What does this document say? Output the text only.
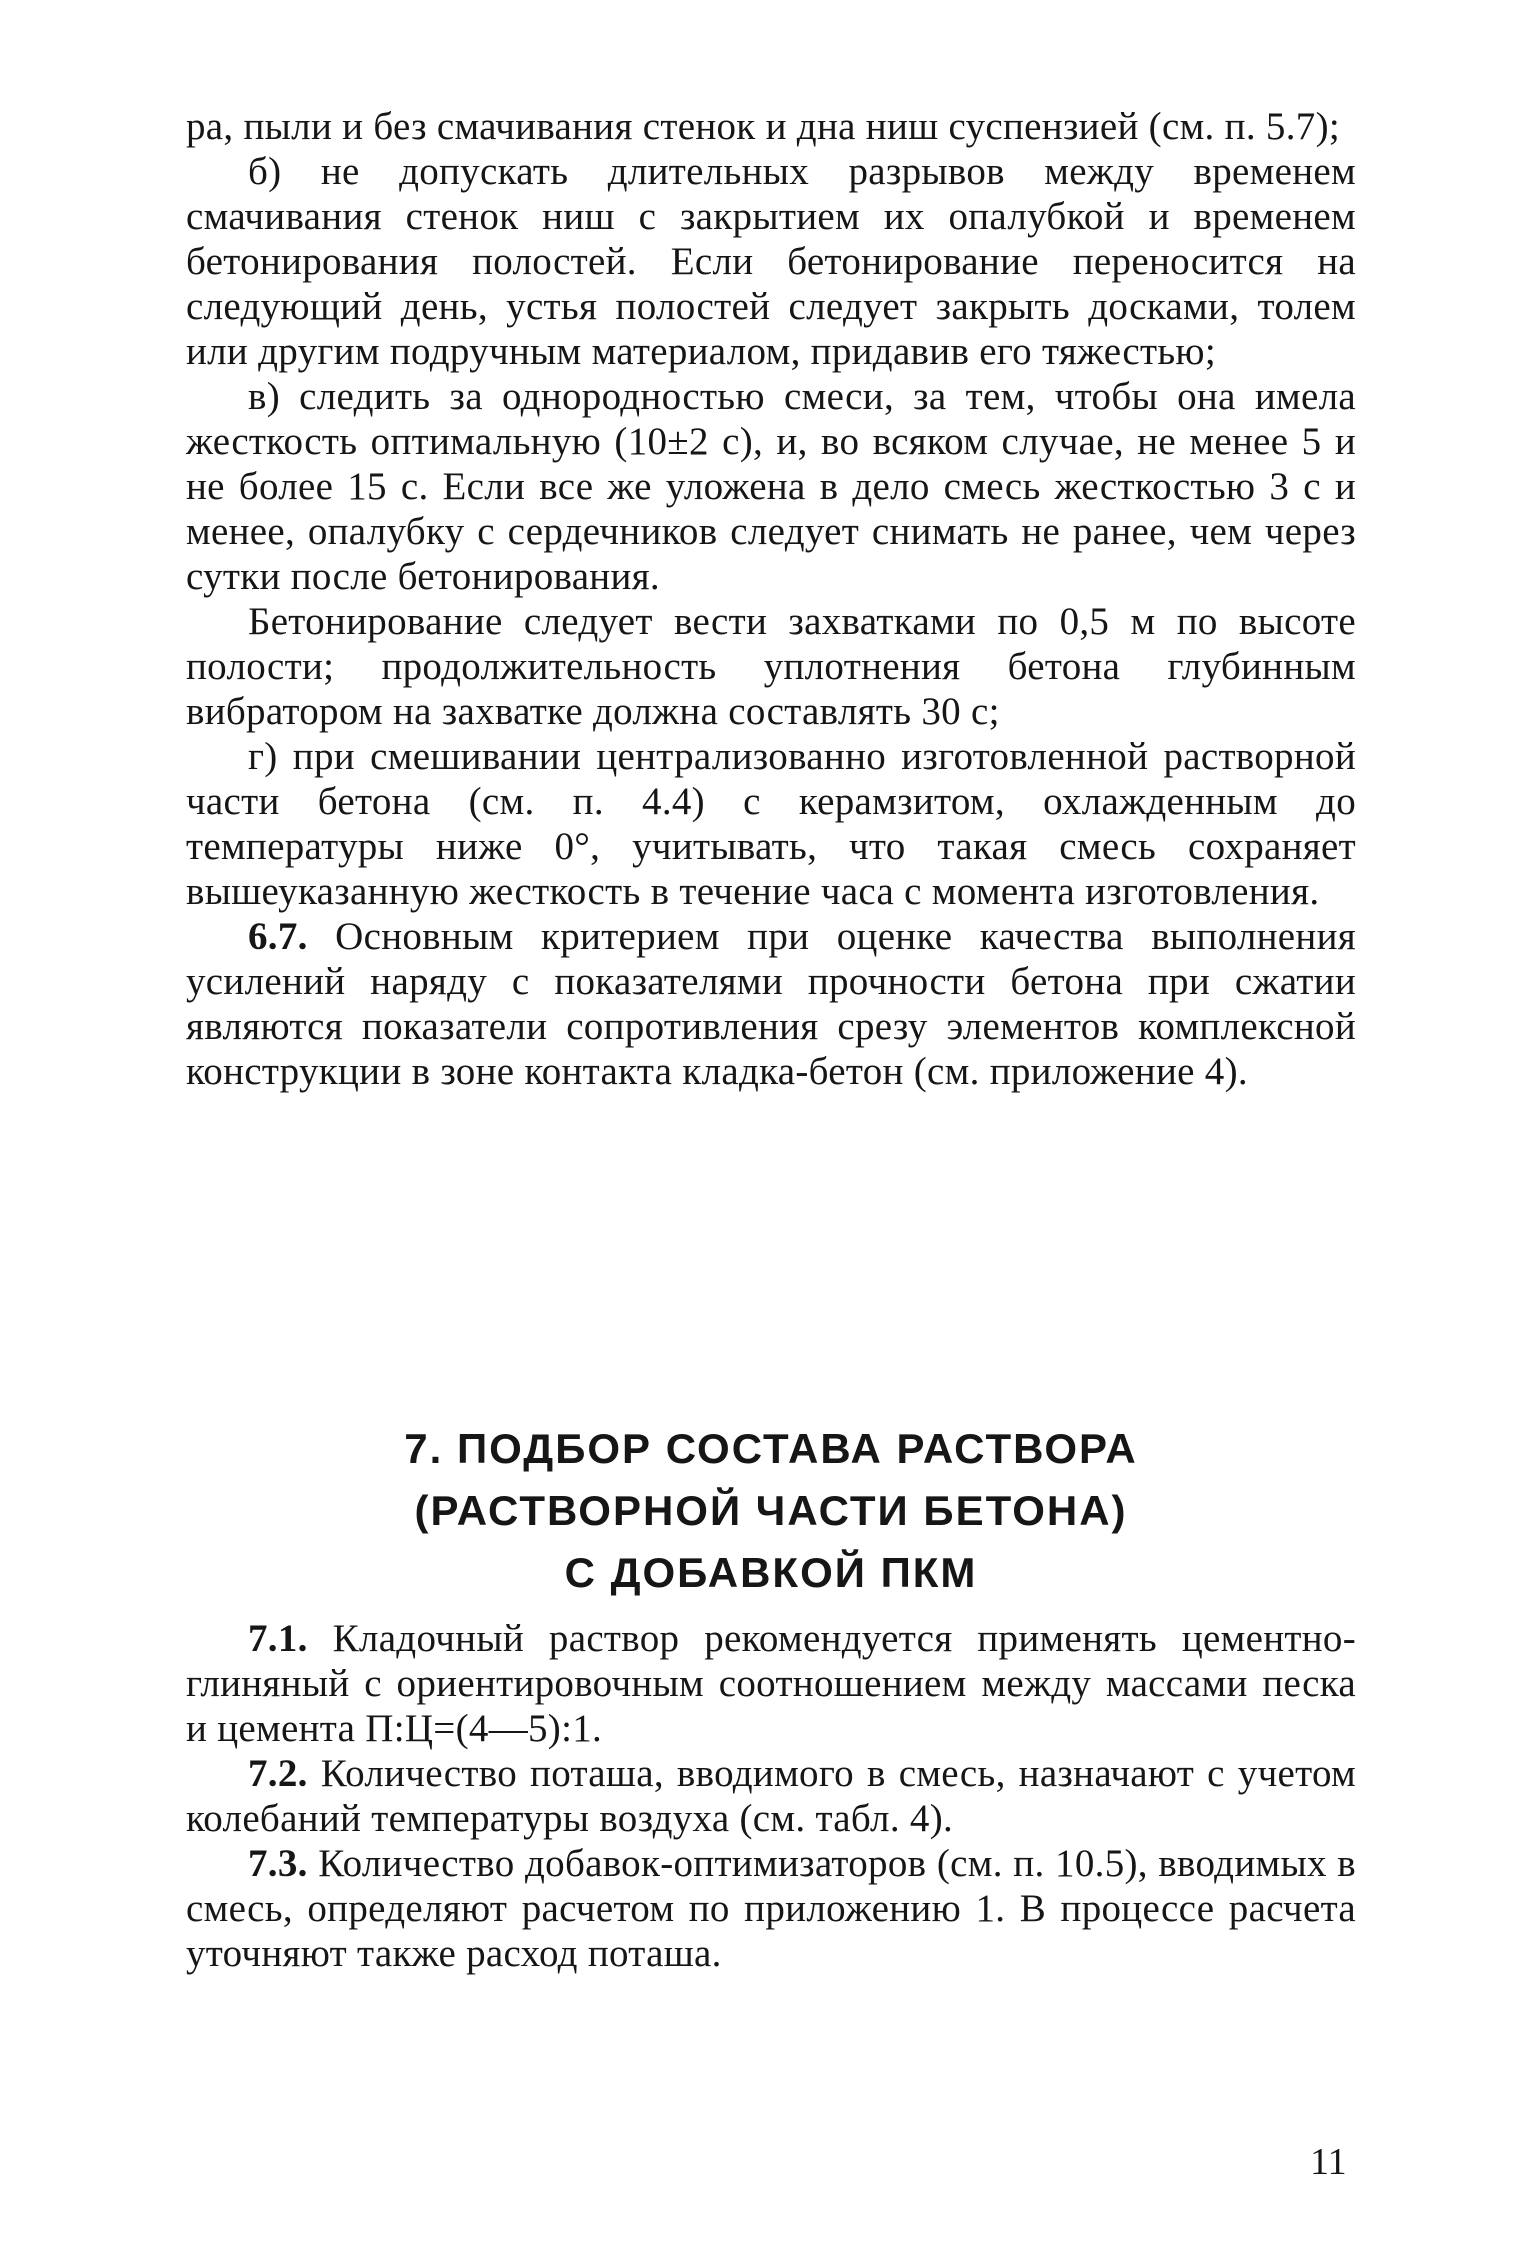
ра, пыли и без смачивания стенок и дна ниш суспензией (см. п. 5.7);

б) не допускать длительных разрывов между временем смачивания стенок ниш с закрытием их опалубкой и временем бетонирования полостей. Если бетонирование переносится на следующий день, устья полостей следует закрыть досками, толем или другим подручным материалом, придавив его тяжестью;

в) следить за однородностью смеси, за тем, чтобы она имела жесткость оптимальную (10±2 с), и, во всяком случае, не менее 5 и не более 15 с. Если все же уложена в дело смесь жесткостью 3 с и менее, опалубку с сердечников следует снимать не ранее, чем через сутки после бетонирования.

Бетонирование следует вести захватками по 0,5 м по высоте полости; продолжительность уплотнения бетона глубинным вибратором на захватке должна составлять 30 с;

г) при смешивании централизованно изготовленной растворной части бетона (см. п. 4.4) с керамзитом, охлажденным до температуры ниже 0°, учитывать, что такая смесь сохраняет вышеуказанную жесткость в течение часа с момента изготовления.

6.7. Основным критерием при оценке качества выполнения усилений наряду с показателями прочности бетона при сжатии являются показатели сопротивления срезу элементов комплексной конструкции в зоне контакта кладка-бетон (см. приложение 4).

7. ПОДБОР СОСТАВА РАСТВОРА
(РАСТВОРНОЙ ЧАСТИ БЕТОНА)
С ДОБАВКОЙ ПКМ

7.1. Кладочный раствор рекомендуется применять цементно-глиняный с ориентировочным соотношением между массами песка и цемента П:Ц=(4—5):1.

7.2. Количество поташа, вводимого в смесь, назначают с учетом колебаний температуры воздуха (см. табл. 4).

7.3. Количество добавок-оптимизаторов (см. п. 10.5), вводимых в смесь, определяют расчетом по приложению 1. В процессе расчета уточняют также расход поташа.

11
